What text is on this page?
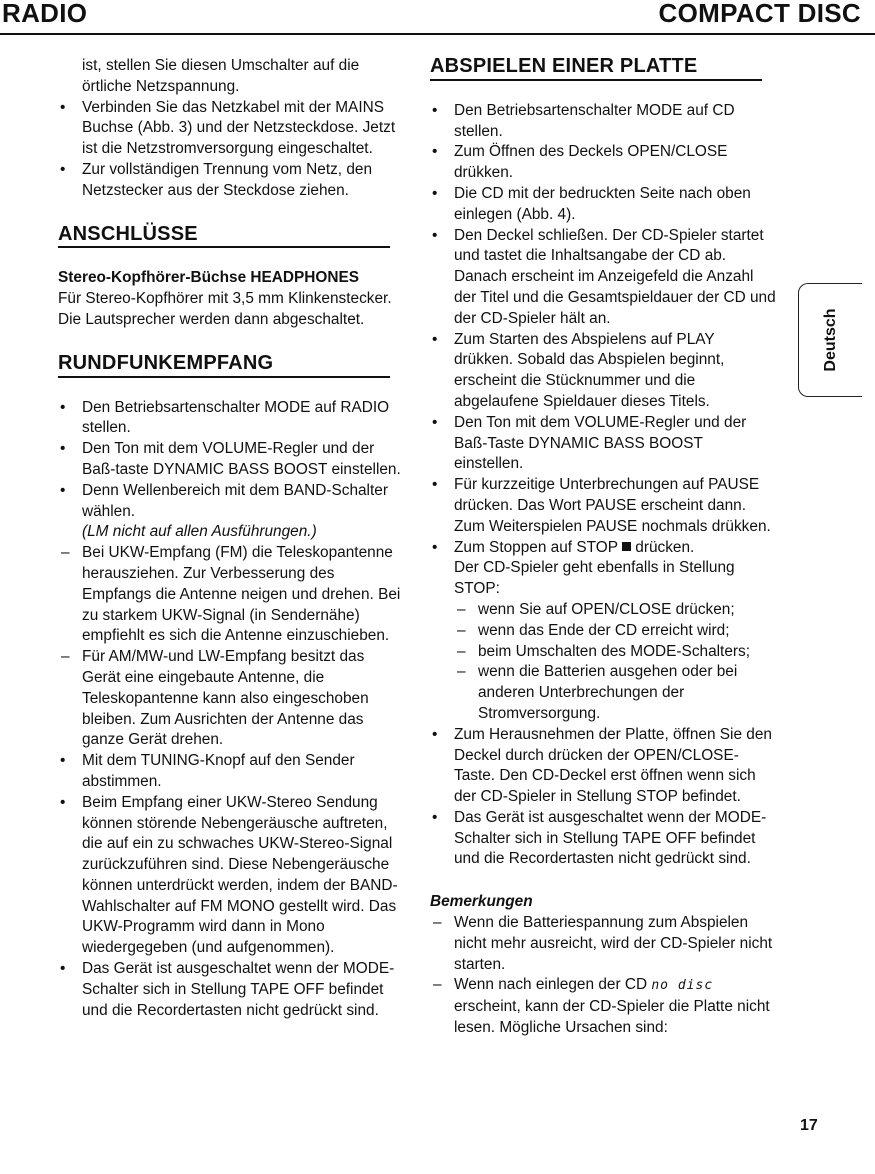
RADIO	COMPACT DISC

ist, stellen Sie diesen Umschalter auf die örtliche Netzspannung.

• Verbinden Sie das Netzkabel mit der MAINS Buchse (Abb. 3) und der Netzsteckdose. Jetzt ist die Netzstromversorgung eingeschaltet.
• Zur vollständigen Trennung vom Netz, den Netzstecker aus der Steckdose ziehen.
ANSCHLÜSSE

Stereo-Kopfhörer-Büchse HEADPHONES

Für Stereo-Kopfhörer mit 3,5 mm Klinkenstecker. Die Lautsprecher werden dann abgeschaltet.

RUNDFUNKEMPFANG
• Den Betriebsartenschalter MODE auf RADIO stellen.
• Den Ton mit dem VOLUME-Regler und der Baß-taste DYNAMIC BASS BOOST einstellen.
• Denn Wellenbereich mit dem BAND-Schalter wählen.

(LM nicht auf allen Ausführungen.)

– Bei UKW-Empfang (FM) die Teleskopantenne herausziehen. Zur Verbesserung des Empfangs die Antenne neigen und drehen. Bei zu starkem UKW-Signal (in Sendernähe) empfiehlt es sich die Antenne einzuschieben.
– Für AM/MW-und LW-Empfang besitzt das Gerät eine eingebaute Antenne, die Teleskopantenne kann also eingeschoben bleiben. Zum Ausrichten der Antenne das ganze Gerät drehen.
• Mit dem TUNING-Knopf auf den Sender abstimmen.
• Beim Empfang einer UKW-Stereo Sendung können störende Nebengeräusche auftreten, die auf ein zu schwaches UKW-Stereo-Signal zurückzuführen sind. Diese Nebengeräusche können unterdrückt werden, indem der BAND-Wahlschalter auf FM MONO gestellt wird. Das UKW-Programm wird dann in Mono wiedergegeben (und aufgenommen).
• Das Gerät ist ausgeschaltet wenn der MODE-Schalter sich in Stellung TAPE OFF befindet und die Recordertasten nicht gedrückt sind.
ABSPIELEN EINER PLATTE
• Den Betriebsartenschalter MODE auf CD stellen.
• Zum Öffnen des Deckels OPEN/CLOSE drükken.
• Die CD mit der bedruckten Seite nach oben einlegen (Abb. 4).
• Den Deckel schließen. Der CD-Spieler startet und tastet die Inhaltsangabe der CD ab. Danach erscheint im Anzeigefeld die Anzahl der Titel und die Gesamtspieldauer der CD und der CD-Spieler hält an.
• Zum Starten des Abspielens auf PLAY drükken. Sobald das Abspielen beginnt, erscheint die Stücknummer und die abgelaufene Spieldauer dieses Titels.
• Den Ton mit dem VOLUME-Regler und der Baß-Taste DYNAMIC BASS BOOST einstellen.
• Für kurzzeitige Unterbrechungen auf PAUSE drücken. Das Wort PAUSE erscheint dann. Zum Weiterspielen PAUSE nochmals drükken.
• Zum Stoppen auf STOP drücken.
Der CD-Spieler geht ebenfalls in Stellung STOP:
– wenn Sie auf OPEN/CLOSE drücken;
– wenn das Ende der CD erreicht wird;
– beim Umschalten des MODE-Schalters;
– wenn die Batterien ausgehen oder bei anderen Unterbrechungen der Stromversorgung.
• Zum Herausnehmen der Platte, öffnen Sie den Deckel durch drücken der OPEN/CLOSE-Taste. Den CD-Deckel erst öffnen wenn sich der CD-Spieler in Stellung STOP befindet.
• Das Gerät ist ausgeschaltet wenn der MODE-Schalter sich in Stellung TAPE OFF befindet und die Recordertasten nicht gedrückt sind.

Bemerkungen

– Wenn die Batteriespannung zum Abspielen nicht mehr ausreicht, wird der CD-Spieler nicht starten.
– Wenn nach einlegen der CD no disc erscheint, kann der CD-Spieler die Platte nicht lesen. Mögliche Ursachen sind:
Deutsch
17
